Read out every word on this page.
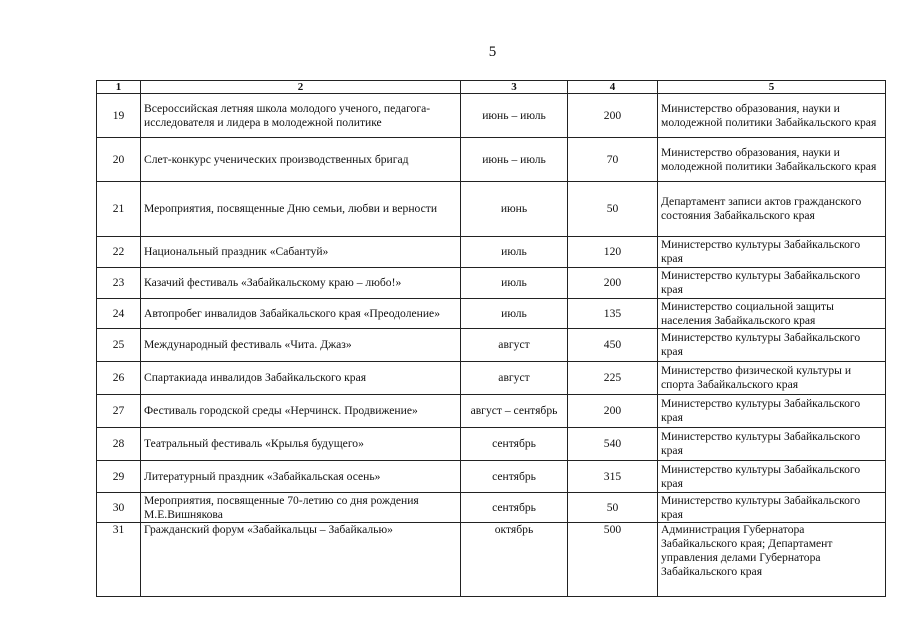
5
1	2	3	4	5
19	Всероссийская летняя школа молодого ученого, педагога-исследователя и лидера в молодежной политике	июнь – июль	200	Министерство образования, науки и молодежной политики Забайкальского края
20	Слет-конкурс ученических производственных бригад	июнь – июль	70	Министерство образования, науки и молодежной политики Забайкальского края
21	Мероприятия, посвященные Дню семьи, любви и верности	июнь	50	Департамент записи актов гражданского состояния Забайкальского края
22	Национальный праздник «Сабантуй»	июль	120	Министерство культуры Забайкальского края
23	Казачий фестиваль «Забайкальскому краю – любо!»	июль	200	Министерство культуры Забайкальского края
24	Автопробег инвалидов Забайкальского края «Преодоление»	июль	135	Министерство социальной защиты населения Забайкальского края
25	Международный фестиваль «Чита. Джаз»	август	450	Министерство культуры Забайкальского края
26	Спартакиада инвалидов Забайкальского края	август	225	Министерство физической культуры и спорта Забайкальского края
27	Фестиваль городской среды «Нерчинск. Продвижение»	август – сентябрь	200	Министерство культуры Забайкальского края
28	Театральный фестиваль «Крылья будущего»	сентябрь	540	Министерство культуры Забайкальского края
29	Литературный праздник «Забайкальская осень»	сентябрь	315	Министерство культуры Забайкальского края
30	Мероприятия, посвященные 70-летию со дня рождения М.Е.Вишнякова	сентябрь	50	Министерство культуры Забайкальского края
31	Гражданский форум «Забайкальцы – Забайкалью»	октябрь	500	Администрация Губернатора Забайкальского края; Департамент управления делами Губернатора Забайкальского края
